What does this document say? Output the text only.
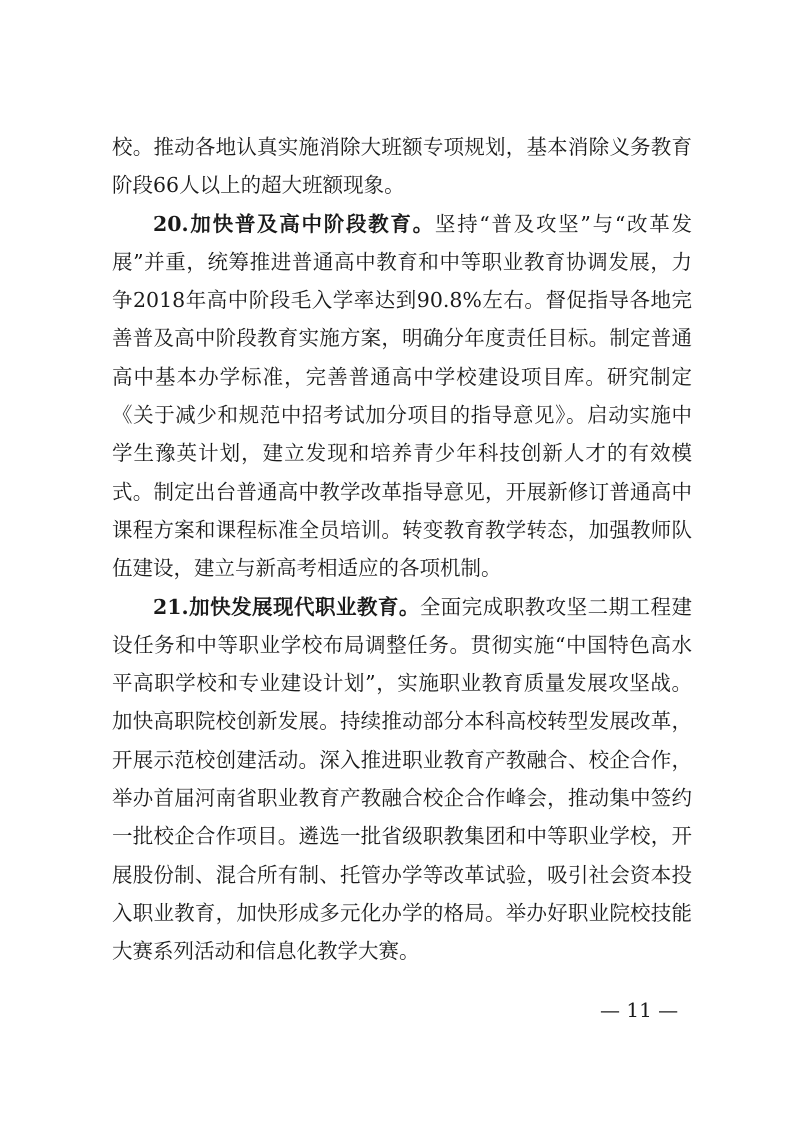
校。推动各地认真实施消除大班额专项规划，基本消除义务教育阶段66人以上的超大班额现象。

20.加快普及高中阶段教育。坚持“普及攻坚”与“改革发展”并重，统筹推进普通高中教育和中等职业教育协调发展，力争2018年高中阶段毛入学率达到90.8%左右。督促指导各地完善普及高中阶段教育实施方案，明确分年度责任目标。制定普通高中基本办学标准，完善普通高中学校建设项目库。研究制定《关于减少和规范中招考试加分项目的指导意见》。启动实施中学生豫英计划，建立发现和培养青少年科技创新人才的有效模式。制定出台普通高中教学改革指导意见，开展新修订普通高中课程方案和课程标准全员培训。转变教育教学转态，加强教师队伍建设，建立与新高考相适应的各项机制。

21.加快发展现代职业教育。全面完成职教攻坚二期工程建设任务和中等职业学校布局调整任务。贯彻实施“中国特色高水平高职学校和专业建设计划”，实施职业教育质量发展攻坚战。加快高职院校创新发展。持续推动部分本科高校转型发展改革，开展示范校创建活动。深入推进职业教育产教融合、校企合作，举办首届河南省职业教育产教融合校企合作峰会，推动集中签约一批校企合作项目。遴选一批省级职教集团和中等职业学校，开展股份制、混合所有制、托管办学等改革试验，吸引社会资本投入职业教育，加快形成多元化办学的格局。举办好职业院校技能大赛系列活动和信息化教学大赛。

— 11 —
